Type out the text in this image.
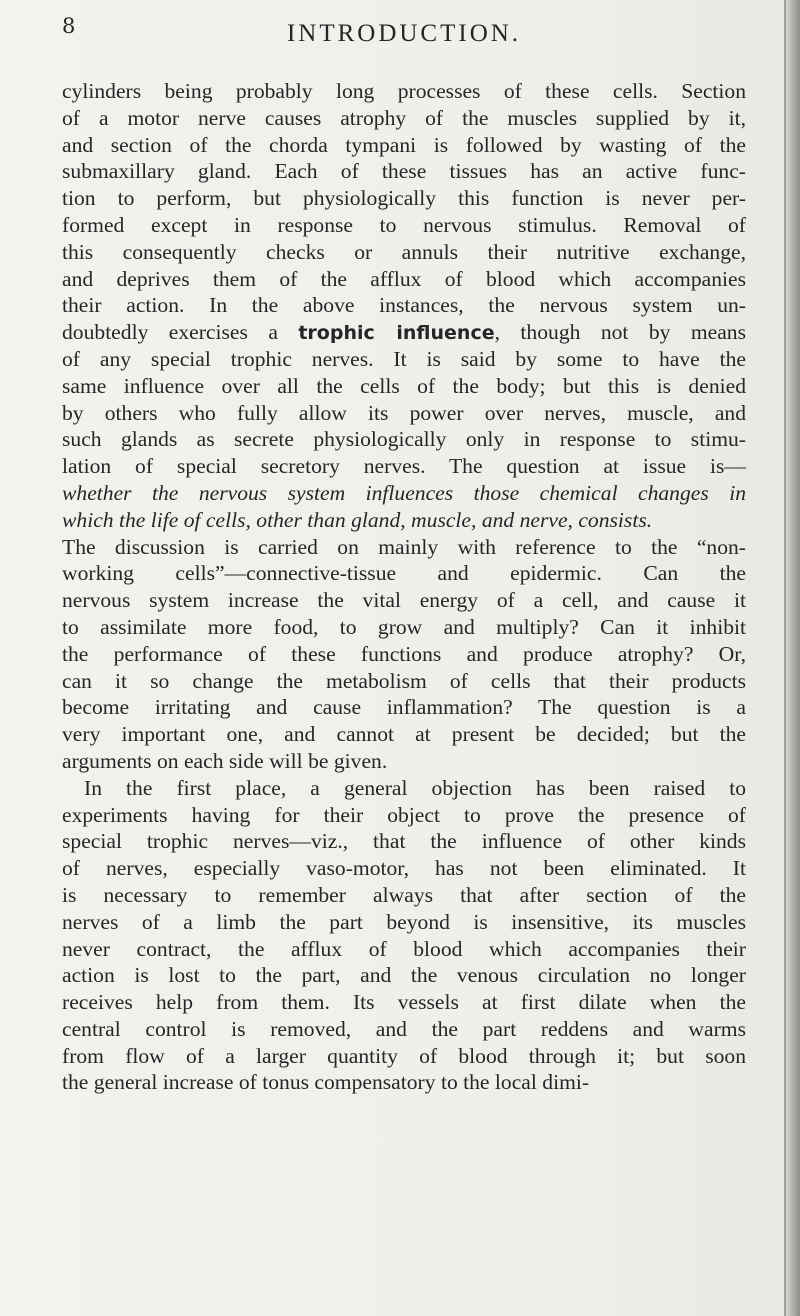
8	INTRODUCTION.
cylinders being probably long processes of these cells. Section
of a motor nerve causes atrophy of the muscles supplied by it,
and section of the chorda tympani is followed by wasting of the
submaxillary gland. Each of these tissues has an active func-
tion to perform, but physiologically this function is never per-
formed except in response to nervous stimulus. Removal of
this consequently checks or annuls their nutritive exchange,
and deprives them of the afflux of blood which accompanies
their action. In the above instances, the nervous system un-
doubtedly exercises a trophic influence, though not by means
of any special trophic nerves. It is said by some to have the
same influence over all the cells of the body; but this is denied
by others who fully allow its power over nerves, muscle, and
such glands as secrete physiologically only in response to stimu-
lation of special secretory nerves. The question at issue is—
whether the nervous system influences those chemical changes in
which the life of cells, other than gland, muscle, and nerve, consists.
The discussion is carried on mainly with reference to the “non-
working cells”—connective-tissue and epidermic. Can the
nervous system increase the vital energy of a cell, and cause it
to assimilate more food, to grow and multiply? Can it inhibit
the performance of these functions and produce atrophy? Or,
can it so change the metabolism of cells that their products
become irritating and cause inflammation? The question is a
very important one, and cannot at present be decided; but the
arguments on each side will be given.
In the first place, a general objection has been raised to
experiments having for their object to prove the presence of
special trophic nerves—viz., that the influence of other kinds
of nerves, especially vaso-motor, has not been eliminated. It
is necessary to remember always that after section of the
nerves of a limb the part beyond is insensitive, its muscles
never contract, the afflux of blood which accompanies their
action is lost to the part, and the venous circulation no longer
receives help from them. Its vessels at first dilate when the
central control is removed, and the part reddens and warms
from flow of a larger quantity of blood through it; but soon
the general increase of tonus compensatory to the local dimi-
